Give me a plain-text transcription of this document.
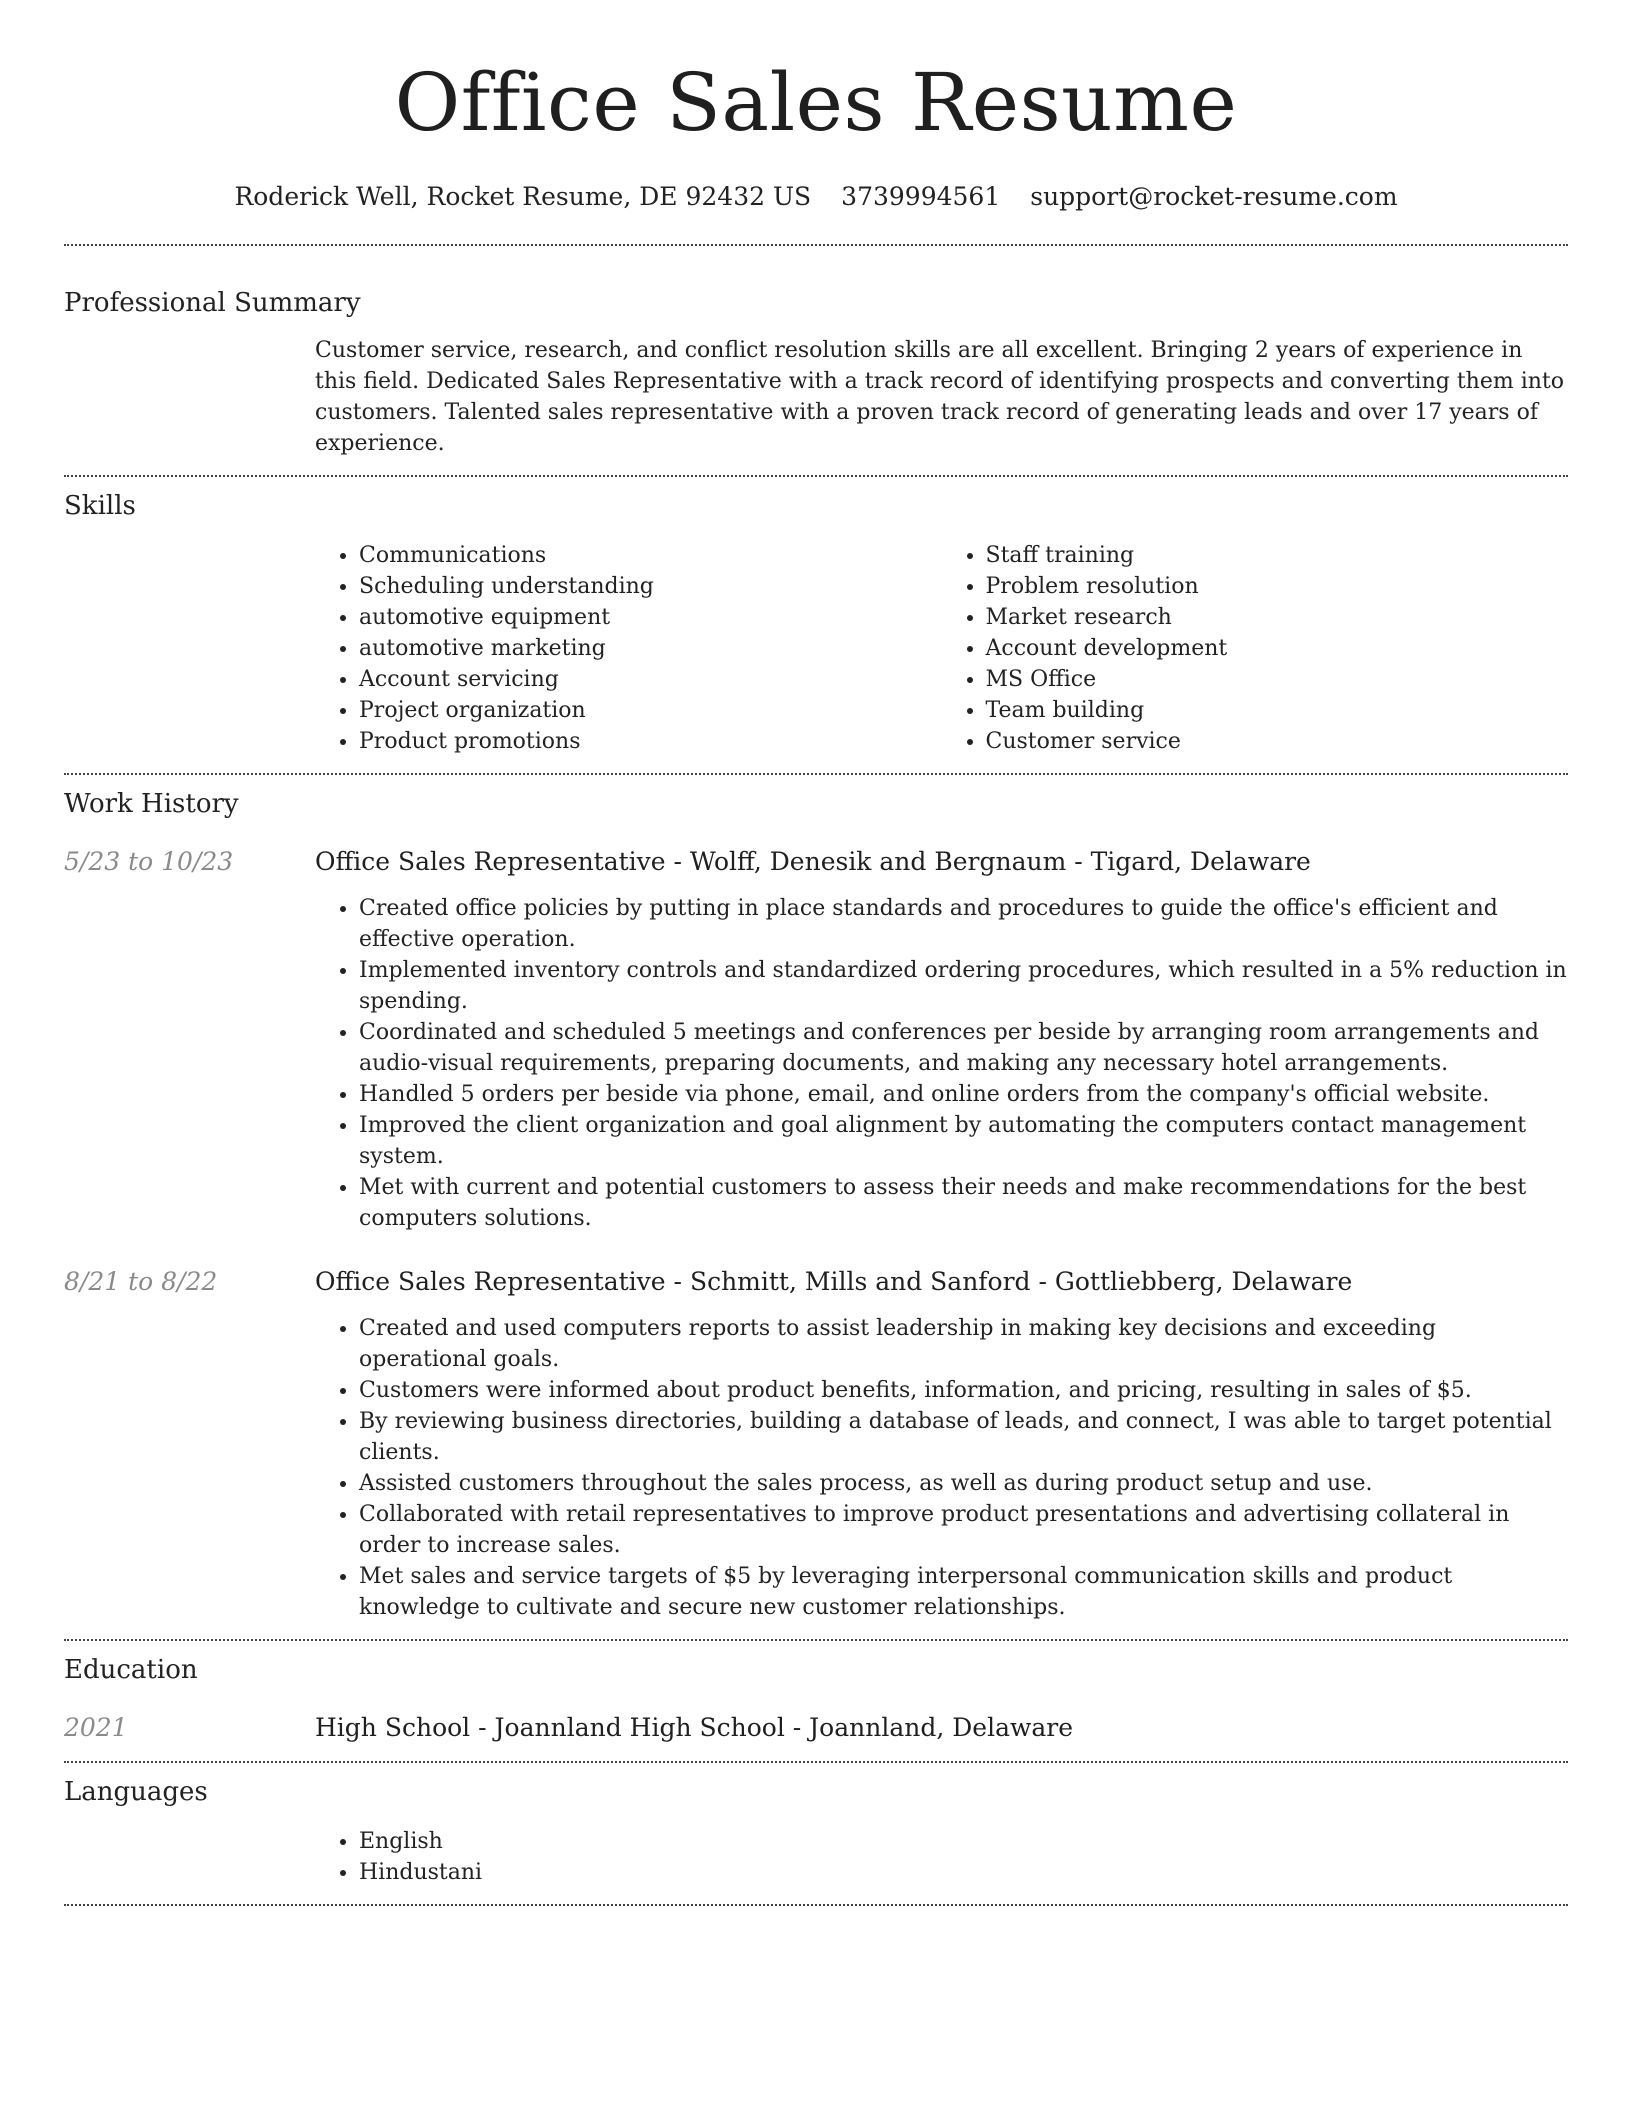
Office Sales Resume
Roderick Well, Rocket Resume, DE 92432 US 3739994561 support@rocket-resume.com
Professional Summary
Customer service, research, and conflict resolution skills are all excellent. Bringing 2 years of experience in this field. Dedicated Sales Representative with a track record of identifying prospects and converting them into customers. Talented sales representative with a proven track record of generating leads and over 17 years of experience.
Skills
• Communications
• Scheduling understanding
• automotive equipment
• automotive marketing
• Account servicing
• Project organization
• Product promotions
• Staff training
• Problem resolution
• Market research
• Account development
• MS Office
• Team building
• Customer service
Work History
5/23 to 10/23	Office Sales Representative - Wolff, Denesik and Bergnaum - Tigard, Delaware
• Created office policies by putting in place standards and procedures to guide the office's efficient and effective operation.
• Implemented inventory controls and standardized ordering procedures, which resulted in a 5% reduction in spending.
• Coordinated and scheduled 5 meetings and conferences per beside by arranging room arrangements and audio-visual requirements, preparing documents, and making any necessary hotel arrangements.
• Handled 5 orders per beside via phone, email, and online orders from the company's official website.
• Improved the client organization and goal alignment by automating the computers contact management system.
• Met with current and potential customers to assess their needs and make recommendations for the best computers solutions.
8/21 to 8/22	Office Sales Representative - Schmitt, Mills and Sanford - Gottliebberg, Delaware
• Created and used computers reports to assist leadership in making key decisions and exceeding operational goals.
• Customers were informed about product benefits, information, and pricing, resulting in sales of $5.
• By reviewing business directories, building a database of leads, and connect, I was able to target potential clients.
• Assisted customers throughout the sales process, as well as during product setup and use.
• Collaborated with retail representatives to improve product presentations and advertising collateral in order to increase sales.
• Met sales and service targets of $5 by leveraging interpersonal communication skills and product knowledge to cultivate and secure new customer relationships.
Education
2021	High School - Joannland High School - Joannland, Delaware
Languages
• English
• Hindustani
